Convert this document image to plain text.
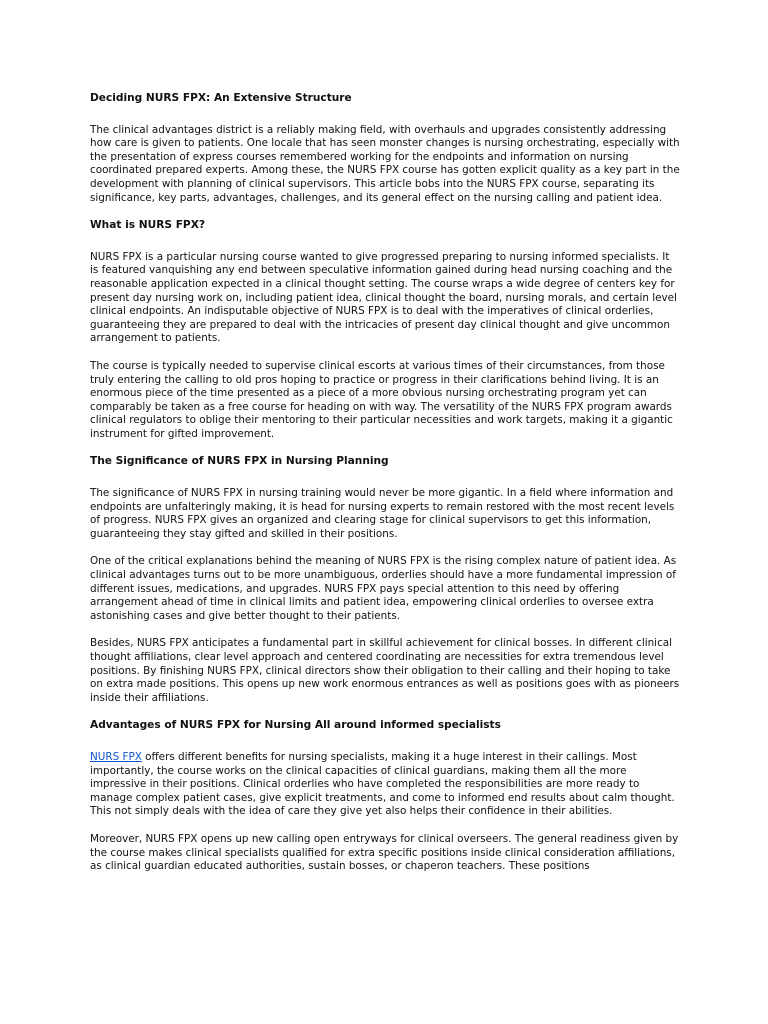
Deciding NURS FPX: An Extensive Structure

The clinical advantages district is a reliably making field, with overhauls and upgrades consistently addressing how care is given to patients. One locale that has seen monster changes is nursing orchestrating, especially with the presentation of express courses remembered working for the endpoints and information on nursing coordinated prepared experts. Among these, the NURS FPX course has gotten explicit quality as a key part in the development with planning of clinical supervisors. This article bobs into the NURS FPX course, separating its significance, key parts, advantages, challenges, and its general effect on the nursing calling and patient idea.

What is NURS FPX?

NURS FPX is a particular nursing course wanted to give progressed preparing to nursing informed specialists. It is featured vanquishing any end between speculative information gained during head nursing coaching and the reasonable application expected in a clinical thought setting. The course wraps a wide degree of centers key for present day nursing work on, including patient idea, clinical thought the board, nursing morals, and certain level clinical endpoints. An indisputable objective of NURS FPX is to deal with the imperatives of clinical orderlies, guaranteeing they are prepared to deal with the intricacies of present day clinical thought and give uncommon arrangement to patients.

The course is typically needed to supervise clinical escorts at various times of their circumstances, from those truly entering the calling to old pros hoping to practice or progress in their clarifications behind living. It is an enormous piece of the time presented as a piece of a more obvious nursing orchestrating program yet can comparably be taken as a free course for heading on with way. The versatility of the NURS FPX program awards clinical regulators to oblige their mentoring to their particular necessities and work targets, making it a gigantic instrument for gifted improvement.

The Significance of NURS FPX in Nursing Planning

The significance of NURS FPX in nursing training would never be more gigantic. In a field where information and endpoints are unfalteringly making, it is head for nursing experts to remain restored with the most recent levels of progress. NURS FPX gives an organized and clearing stage for clinical supervisors to get this information, guaranteeing they stay gifted and skilled in their positions.

One of the critical explanations behind the meaning of NURS FPX is the rising complex nature of patient idea. As clinical advantages turns out to be more unambiguous, orderlies should have a more fundamental impression of different issues, medications, and upgrades. NURS FPX pays special attention to this need by offering arrangement ahead of time in clinical limits and patient idea, empowering clinical orderlies to oversee extra astonishing cases and give better thought to their patients.

Besides, NURS FPX anticipates a fundamental part in skillful achievement for clinical bosses. In different clinical thought affiliations, clear level approach and centered coordinating are necessities for extra tremendous level positions. By finishing NURS FPX, clinical directors show their obligation to their calling and their hoping to take on extra made positions. This opens up new work enormous entrances as well as positions goes with as pioneers inside their affiliations.

Advantages of NURS FPX for Nursing All around informed specialists

NURS FPX offers different benefits for nursing specialists, making it a huge interest in their callings. Most importantly, the course works on the clinical capacities of clinical guardians, making them all the more impressive in their positions. Clinical orderlies who have completed the responsibilities are more ready to manage complex patient cases, give explicit treatments, and come to informed end results about calm thought. This not simply deals with the idea of care they give yet also helps their confidence in their abilities.

Moreover, NURS FPX opens up new calling open entryways for clinical overseers. The general readiness given by the course makes clinical specialists qualified for extra specific positions inside clinical consideration affiliations, as clinical guardian educated authorities, sustain bosses, or chaperon teachers. These positions
